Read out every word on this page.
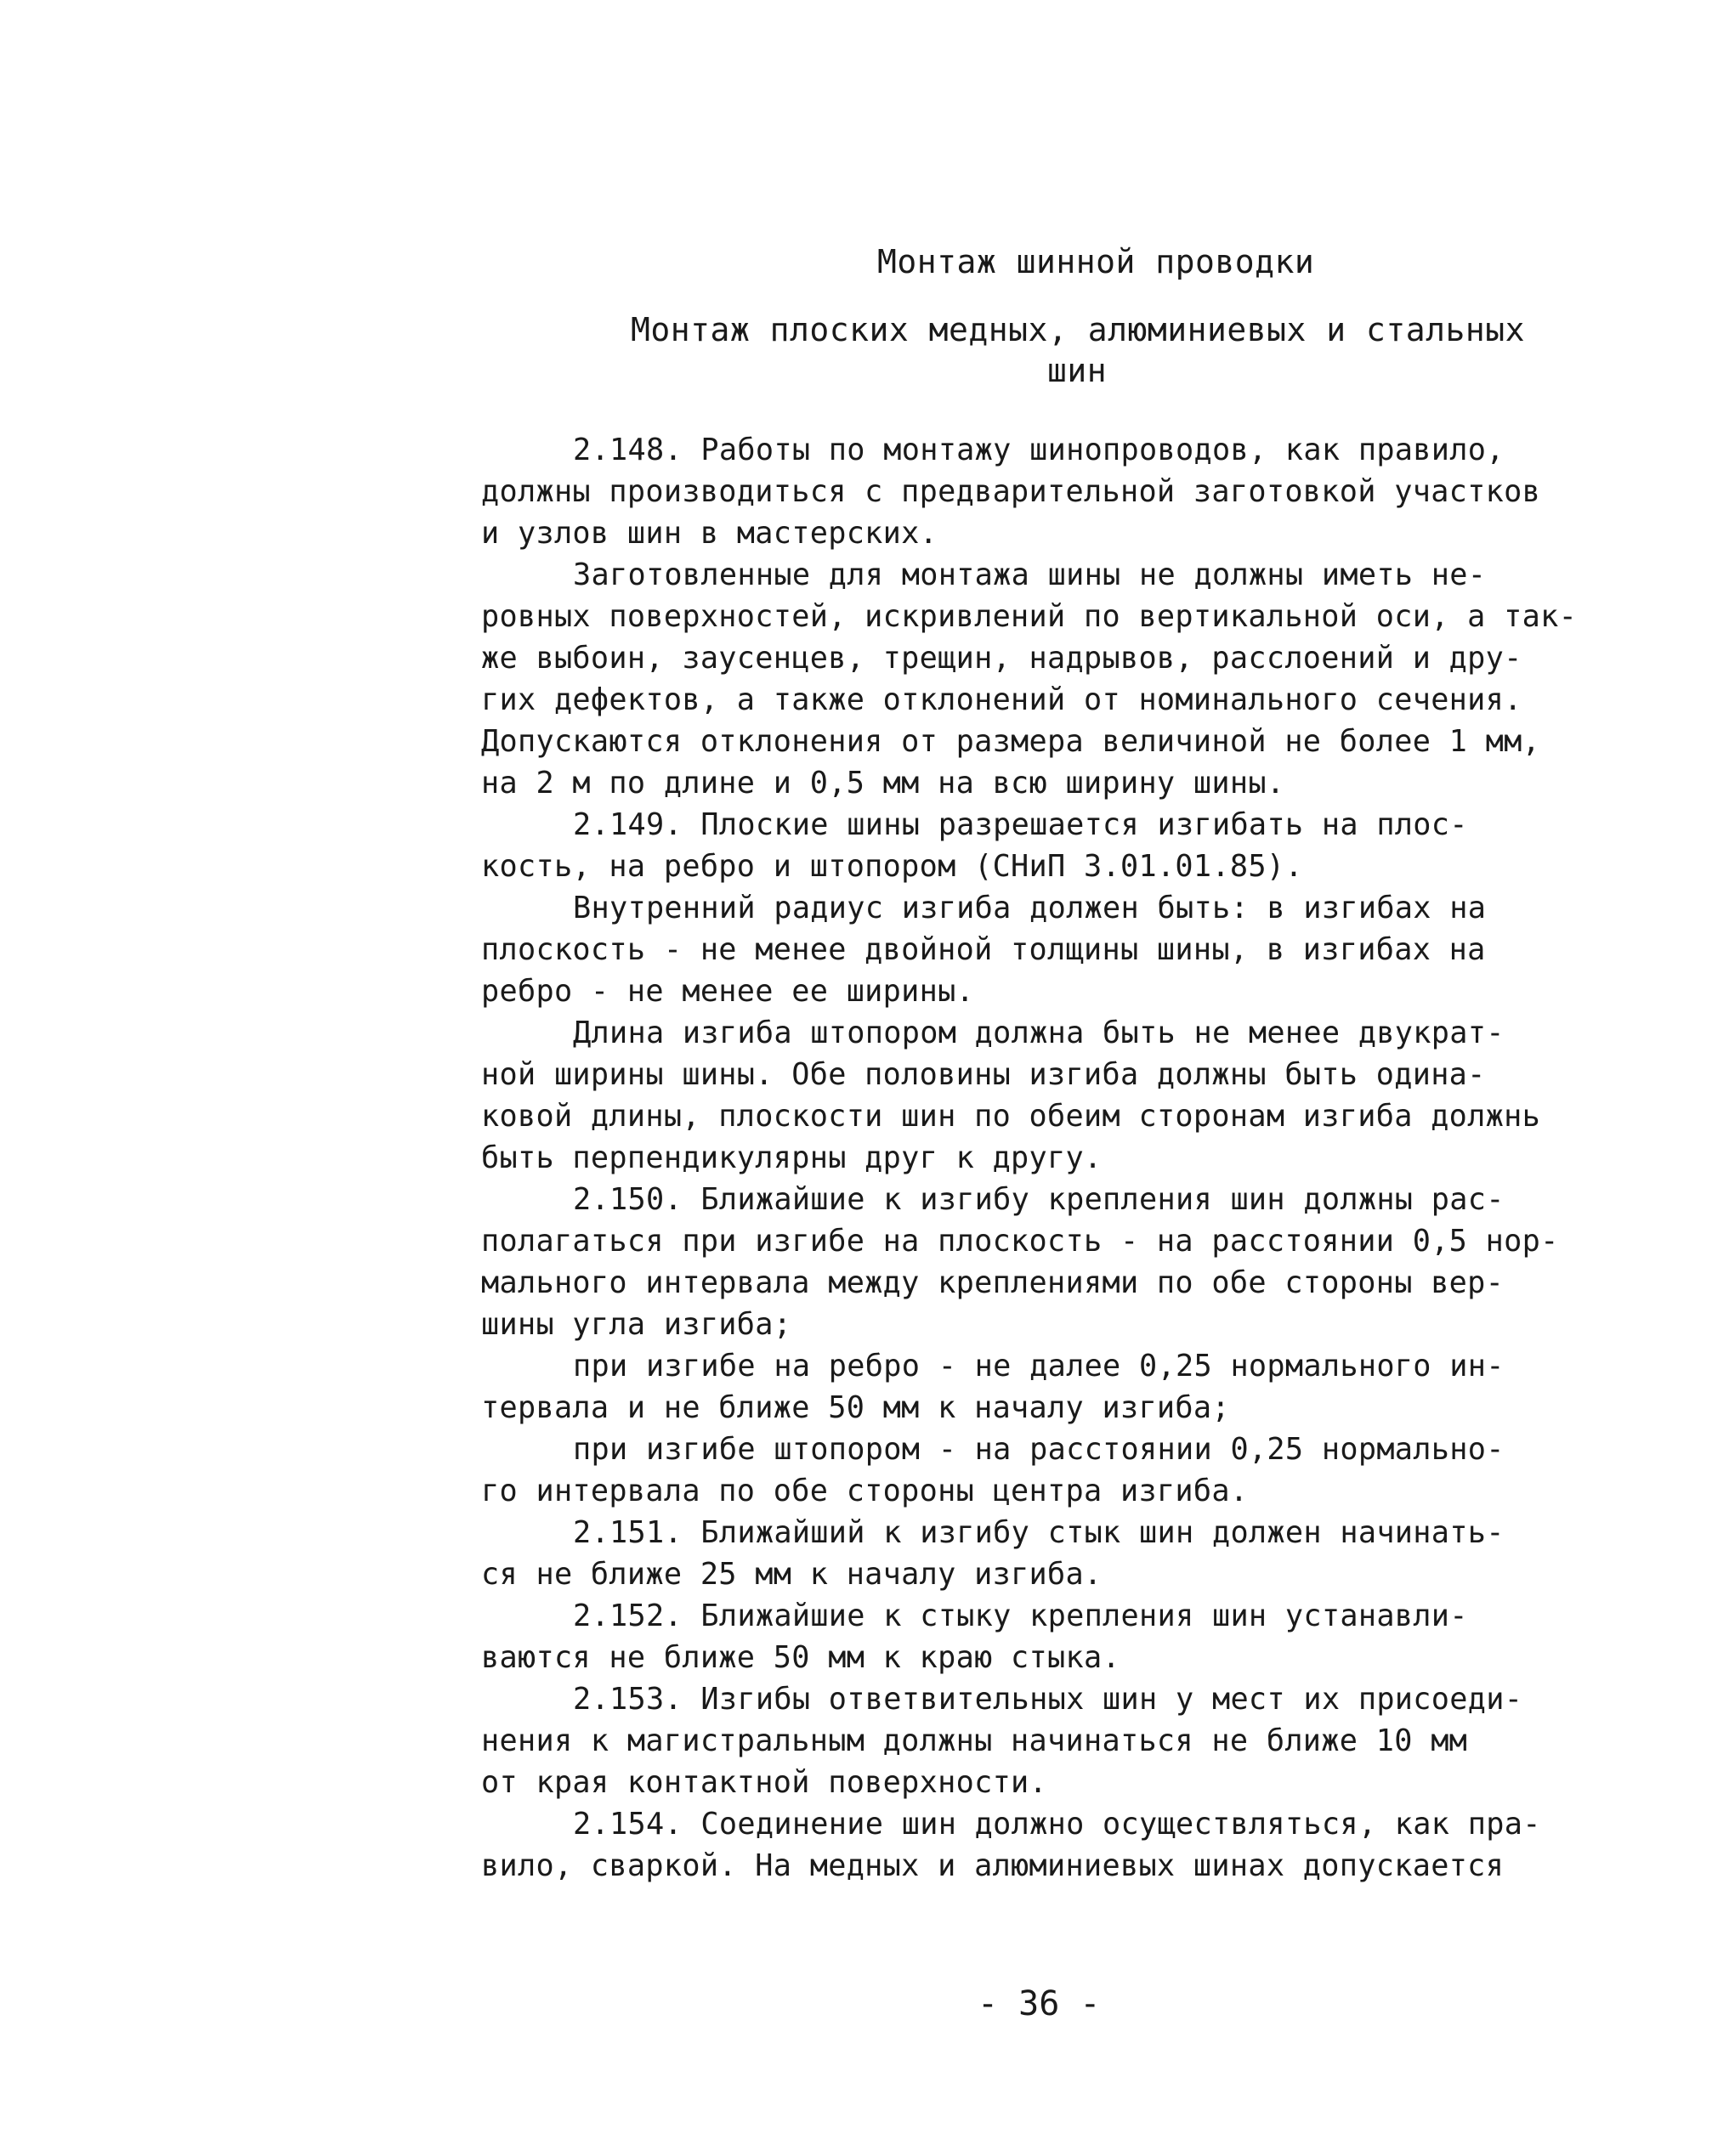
Монтаж шинной проводки
Монтаж плоских медных, алюминиевых и стальных
шин
2.148. Работы по монтажу шинопроводов, как правило,
должны производиться с предварительной заготовкой участков
и узлов шин в мастерских.
Заготовленные для монтажа шины не должны иметь не-
ровных поверхностей, искривлений по вертикальной оси, а так-
же выбоин, заусенцев, трещин, надрывов, расслоений и дру-
гих дефектов, а также отклонений от номинального сечения.
Допускаются отклонения от размера величиной не более 1 мм,
на 2 м по длине и 0,5 мм на всю ширину шины.
2.149. Плоские шины разрешается изгибать на плос-
кость, на ребро и штопором (СНиП 3.01.01.85).
Внутренний радиус изгиба должен быть: в изгибах на
плоскость - не менее двойной толщины шины, в изгибах на
ребро - не менее ее ширины.
Длина изгиба штопором должна быть не менее двукрат-
ной ширины шины. Обе половины изгиба должны быть одина-
ковой длины, плоскости шин по обеим сторонам изгиба должнь
быть перпендикулярны друг к другу.
2.150. Ближайшие к изгибу крепления шин должны рас-
полагаться при изгибе на плоскость - на расстоянии 0,5 нор-
мального интервала между креплениями по обе стороны вер-
шины угла изгиба;
при изгибе на ребро - не далее 0,25 нормального ин-
тервала и не ближе 50 мм к началу изгиба;
при изгибе штопором - на расстоянии 0,25 нормально-
го интервала по обе стороны центра изгиба.
2.151. Ближайший к изгибу стык шин должен начинать-
ся не ближе 25 мм к началу изгиба.
2.152. Ближайшие к стыку крепления шин устанавли-
ваются не ближе 50 мм к краю стыка.
2.153. Изгибы ответвительных шин у мест их присоеди-
нения к магистральным должны начинаться не ближе 10 мм
от края контактной поверхности.
2.154. Соединение шин должно осуществляться, как пра-
вило, сваркой. На медных и алюминиевых шинах допускается
- 36 -
